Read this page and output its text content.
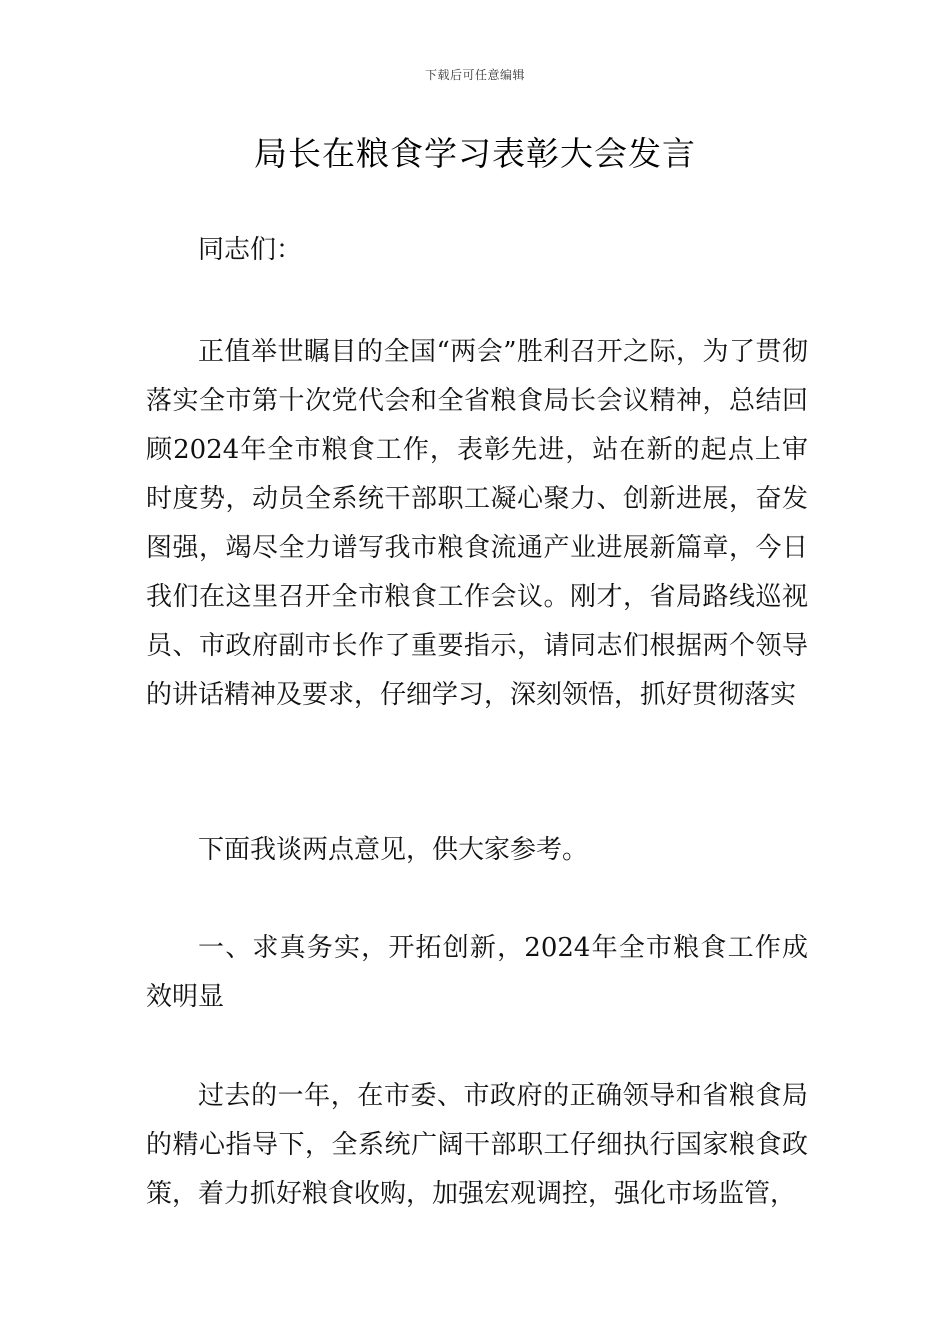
下载后可任意编辑
局长在粮食学习表彰大会发言

同志们：

正值举世瞩目的全国“两会”胜利召开之际，为了贯彻落实全市第十次党代会和全省粮食局长会议精神，总结回顾2024年全市粮食工作，表彰先进，站在新的起点上审时度势，动员全系统干部职工凝心聚力、创新进展，奋发图强，竭尽全力谱写我市粮食流通产业进展新篇章，今日我们在这里召开全市粮食工作会议。刚才，省局路线巡视员、市政府副市长作了重要指示，请同志们根据两个领导的讲话精神及要求，仔细学习，深刻领悟，抓好贯彻落实

下面我谈两点意见，供大家参考。

一、求真务实，开拓创新，2024年全市粮食工作成效明显

过去的一年，在市委、市政府的正确领导和省粮食局的精心指导下，全系统广阔干部职工仔细执行国家粮食政策，着力抓好粮食收购，加强宏观调控，强化市场监管，
